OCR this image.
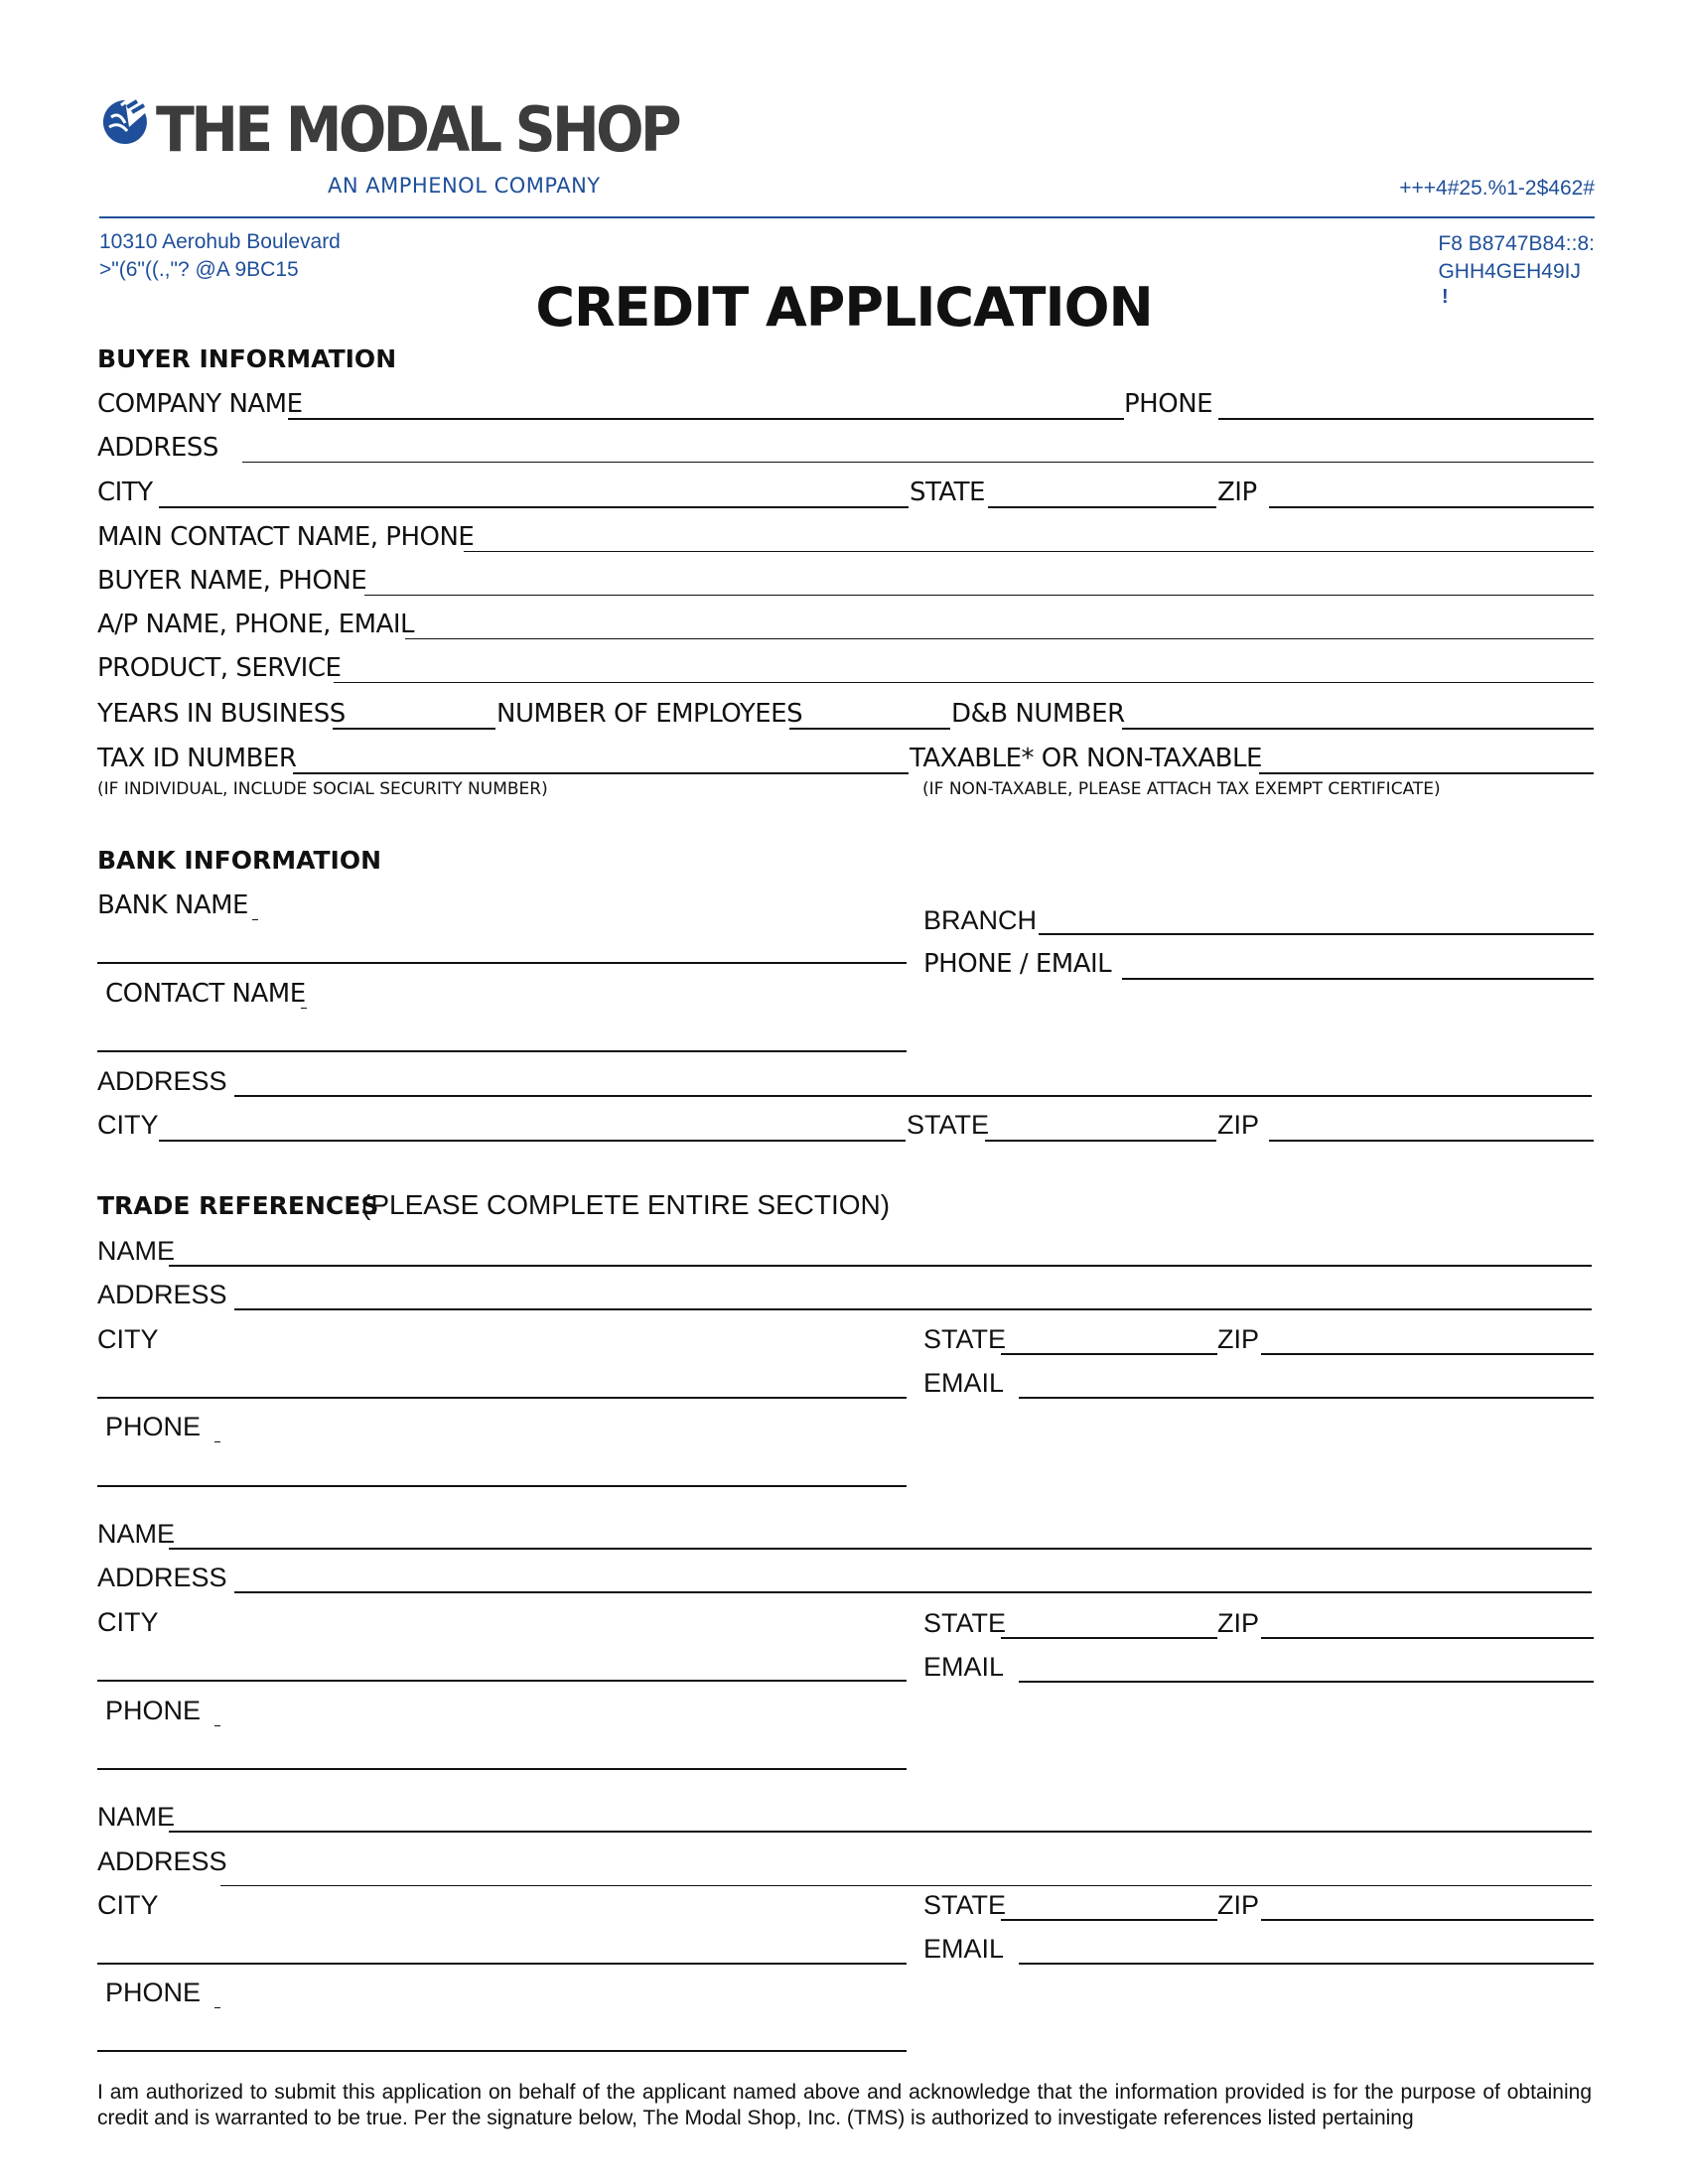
THE MODAL SHOP
AN AMPHENOL COMPANY	+++4#25.%1-2$462#
10310 Aerohub Boulevard
>"(6"((.,"? @A 9BC15
F8 B8747B84::8:
GHH4GEH49IJ
!
CREDIT APPLICATION
BUYER INFORMATION
COMPANY NAME	PHONE
ADDRESS
CITY	STATE	ZIP
MAIN CONTACT NAME, PHONE
BUYER NAME, PHONE
A/P NAME, PHONE, EMAIL
PRODUCT, SERVICE
YEARS IN BUSINESS	NUMBER OF EMPLOYEES	D&B NUMBER
TAX ID NUMBER	TAXABLE* OR NON-TAXABLE
(IF INDIVIDUAL, INCLUDE SOCIAL SECURITY NUMBER)	(IF NON-TAXABLE, PLEASE ATTACH TAX EXEMPT CERTIFICATE)
BANK INFORMATION
BANK NAME	BRANCH
PHONE / EMAIL
CONTACT NAME
ADDRESS
CITY	STATE	ZIP
TRADE REFERENCES
(PLEASE COMPLETE ENTIRE SECTION)
NAME
ADDRESS
CITY	STATE	ZIP
EMAIL
PHONE
NAME
ADDRESS
CITY	STATE	ZIP
EMAIL
PHONE
NAME
ADDRESS
CITY	STATE	ZIP
EMAIL
PHONE
I am authorized to submit this application on behalf of the applicant named above and acknowledge that the information provided is for the purpose of obtaining credit and is warranted to be true. Per the signature below, The Modal Shop, Inc. (TMS) is authorized to investigate references listed pertaining
